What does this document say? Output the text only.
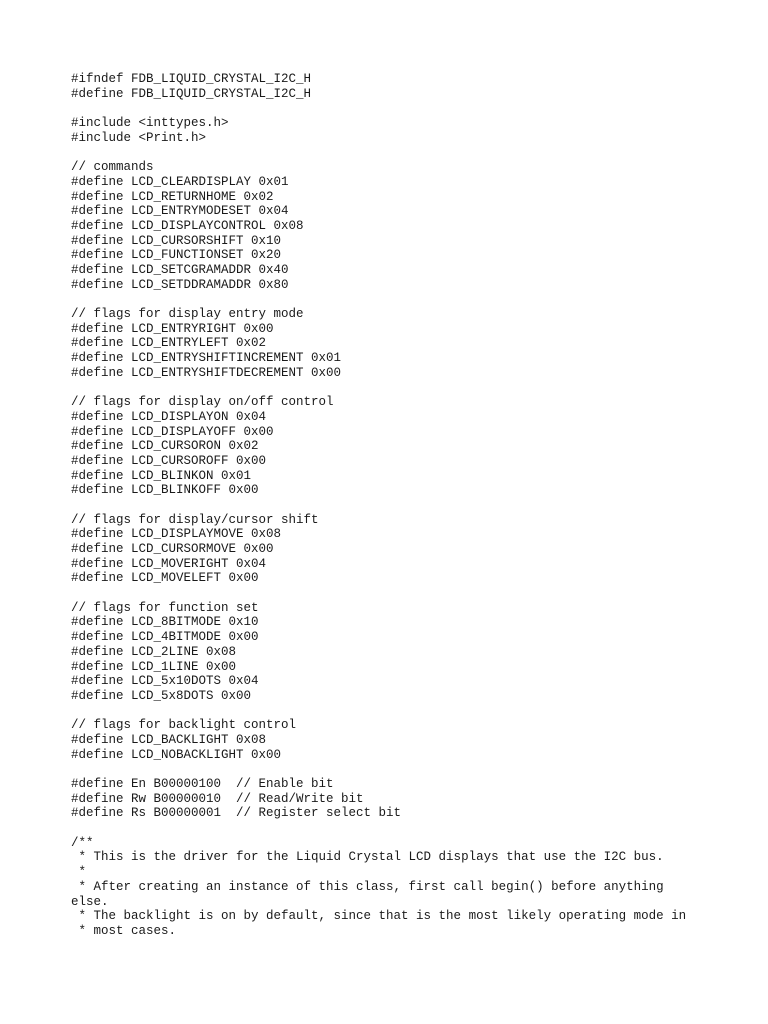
#ifndef FDB_LIQUID_CRYSTAL_I2C_H
#define FDB_LIQUID_CRYSTAL_I2C_H
#include <inttypes.h>
#include <Print.h>
// commands
#define LCD_CLEARDISPLAY 0x01
#define LCD_RETURNHOME 0x02
#define LCD_ENTRYMODESET 0x04
#define LCD_DISPLAYCONTROL 0x08
#define LCD_CURSORSHIFT 0x10
#define LCD_FUNCTIONSET 0x20
#define LCD_SETCGRAMADDR 0x40
#define LCD_SETDDRAMADDR 0x80
// flags for display entry mode
#define LCD_ENTRYRIGHT 0x00
#define LCD_ENTRYLEFT 0x02
#define LCD_ENTRYSHIFTINCREMENT 0x01
#define LCD_ENTRYSHIFTDECREMENT 0x00
// flags for display on/off control
#define LCD_DISPLAYON 0x04
#define LCD_DISPLAYOFF 0x00
#define LCD_CURSORON 0x02
#define LCD_CURSOROFF 0x00
#define LCD_BLINKON 0x01
#define LCD_BLINKOFF 0x00
// flags for display/cursor shift
#define LCD_DISPLAYMOVE 0x08
#define LCD_CURSORMOVE 0x00
#define LCD_MOVERIGHT 0x04
#define LCD_MOVELEFT 0x00
// flags for function set
#define LCD_8BITMODE 0x10
#define LCD_4BITMODE 0x00
#define LCD_2LINE 0x08
#define LCD_1LINE 0x00
#define LCD_5x10DOTS 0x04
#define LCD_5x8DOTS 0x00
// flags for backlight control
#define LCD_BACKLIGHT 0x08
#define LCD_NOBACKLIGHT 0x00
#define En B00000100  // Enable bit
#define Rw B00000010  // Read/Write bit
#define Rs B00000001  // Register select bit
/**
* This is the driver for the Liquid Crystal LCD displays that use the I2C bus.
*
* After creating an instance of this class, first call begin() before anything
else.
* The backlight is on by default, since that is the most likely operating mode in
* most cases.
